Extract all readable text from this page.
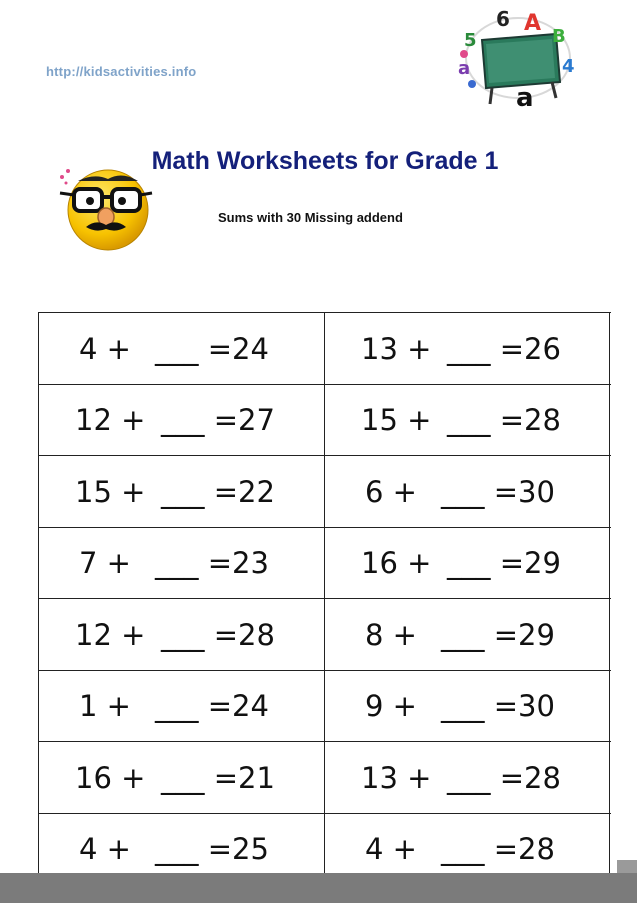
http://kidsactivities.info
6 A
5	B
a	4
a
Math Worksheets for Grade 1
Sums with 30 Missing addend
4 + ___ =24	13 + ___ =26
12 + ___ =27	15 + ___ =28
15 + ___ =22	6 + ___ =30
7 + ___ =23	16 + ___ =29
12 + ___ =28	8 + ___ =29
1 + ___ =24	9 + ___ =30
16 + ___ =21	13 + ___ =28
4 + ___ =25	4 + ___ =28
